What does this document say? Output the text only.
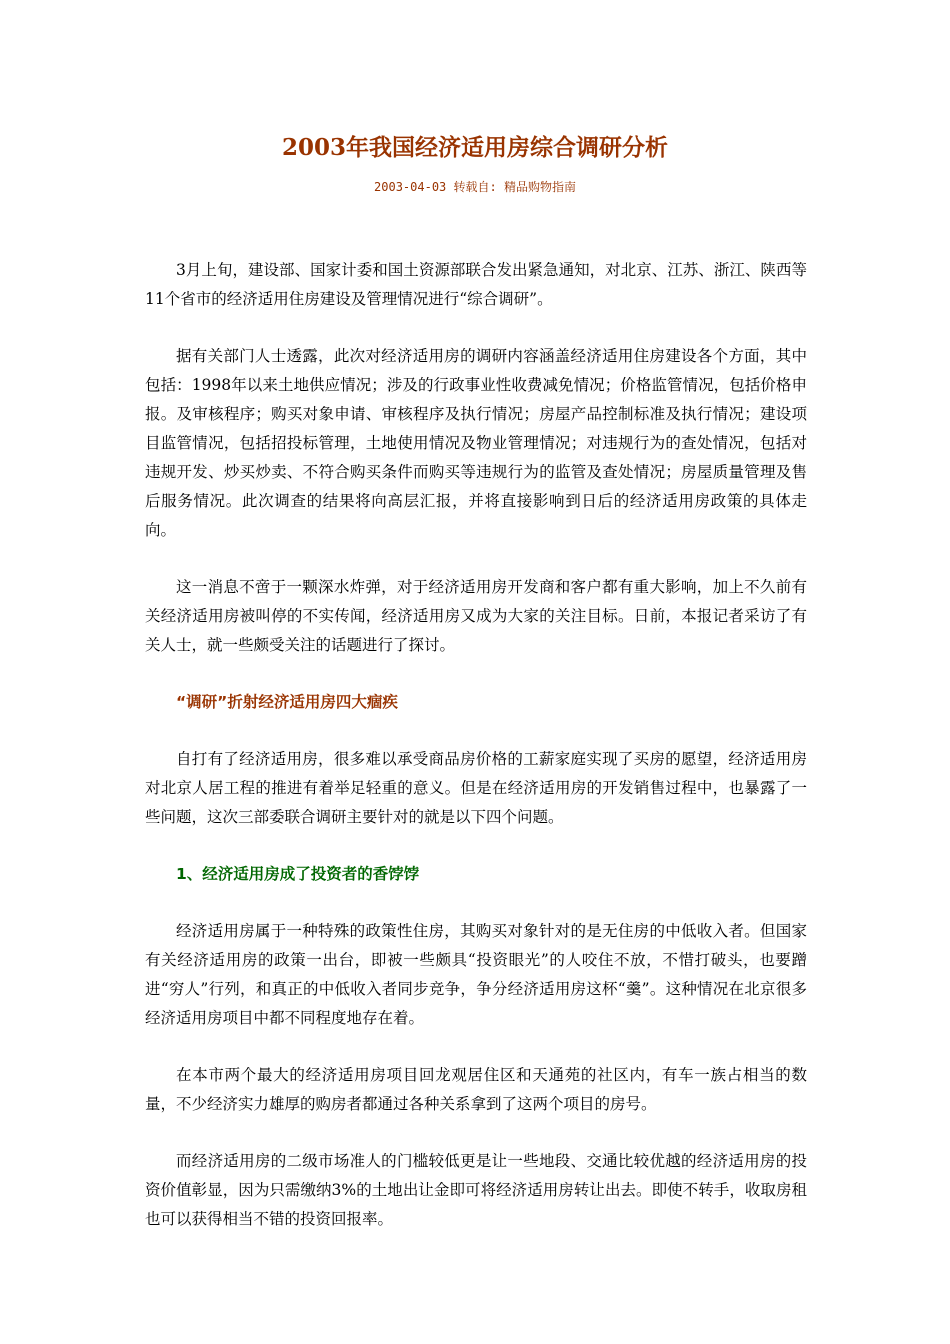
2003年我国经济适用房综合调研分析
2003-04-03 转载自: 精品购物指南

3月上旬，建设部、国家计委和国土资源部联合发出紧急通知，对北京、江苏、浙江、陕西等11个省市的经济适用住房建设及管理情况进行“综合调研”。

据有关部门人士透露，此次对经济适用房的调研内容涵盖经济适用住房建设各个方面，其中包括：1998年以来土地供应情况；涉及的行政事业性收费减免情况；价格监管情况，包括价格申报。及审核程序；购买对象申请、审核程序及执行情况；房屋产品控制标准及执行情况；建设项目监管情况，包括招投标管理，土地使用情况及物业管理情况；对违规行为的查处情况，包括对违规开发、炒买炒卖、不符合购买条件而购买等违规行为的监管及查处情况；房屋质量管理及售后服务情况。此次调查的结果将向高层汇报，并将直接影响到日后的经济适用房政策的具体走向。

这一消息不啻于一颗深水炸弹，对于经济适用房开发商和客户都有重大影响，加上不久前有关经济适用房被叫停的不实传闻，经济适用房又成为大家的关注目标。日前，本报记者采访了有关人士，就一些颇受关注的话题进行了探讨。

“调研”折射经济适用房四大痼疾

自打有了经济适用房，很多难以承受商品房价格的工薪家庭实现了买房的愿望，经济适用房对北京人居工程的推进有着举足轻重的意义。但是在经济适用房的开发销售过程中，也暴露了一些问题，这次三部委联合调研主要针对的就是以下四个问题。

1、经济适用房成了投资者的香饽饽

经济适用房属于一种特殊的政策性住房，其购买对象针对的是无住房的中低收入者。但国家有关经济适用房的政策一出台，即被一些颇具“投资眼光”的人咬住不放，不惜打破头，也要蹭进“穷人”行列，和真正的中低收入者同步竞争，争分经济适用房这杯“羹”。这种情况在北京很多经济适用房项目中都不同程度地存在着。

在本市两个最大的经济适用房项目回龙观居住区和天通苑的社区内，有车一族占相当的数量，不少经济实力雄厚的购房者都通过各种关系拿到了这两个项目的房号。

而经济适用房的二级市场准人的门槛较低更是让一些地段、交通比较优越的经济适用房的投资价值彰显，因为只需缴纳3%的土地出让金即可将经济适用房转让出去。即使不转手，收取房租也可以获得相当不错的投资回报率。
